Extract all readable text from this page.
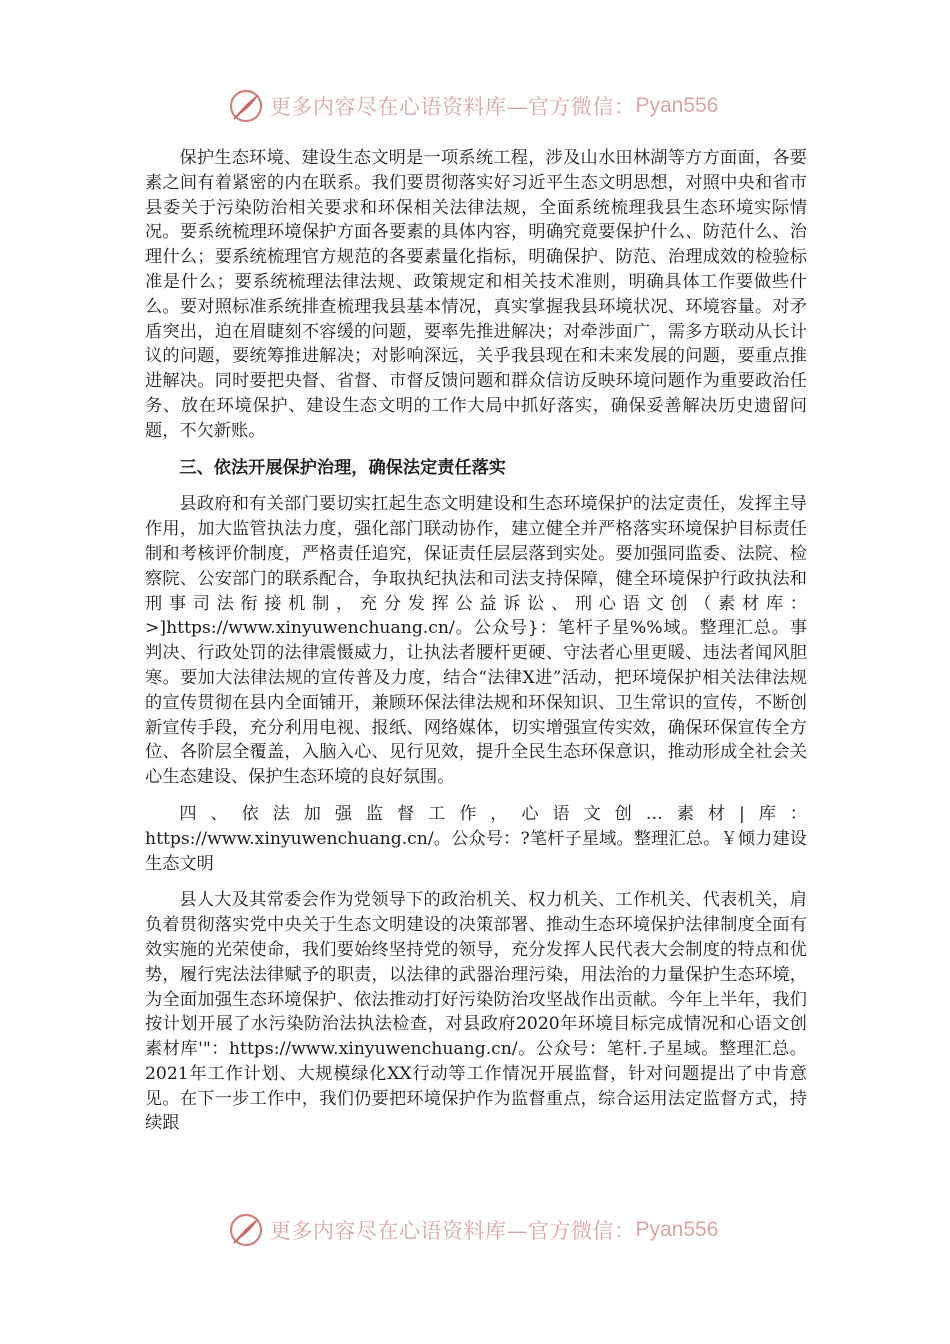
更多内容尽在心语资料库—官方微信： Pyan556

保护生态环境、建设生态文明是一项系统工程，涉及山水田林湖等方方面面，各要素之间有着紧密的内在联系。我们要贯彻落实好习近平生态文明思想，对照中央和省市县委关于污染防治相关要求和环保相关法律法规，全面系统梳理我县生态环境实际情况。要系统梳理环境保护方面各要素的具体内容，明确究竟要保护什么、防范什么、治理什么；要系统梳理官方规范的各要素量化指标，明确保护、防范、治理成效的检验标准是什么；要系统梳理法律法规、政策规定和相关技术准则，明确具体工作要做些什么。要对照标准系统排查梳理我县基本情况，真实掌握我县环境状况、环境容量。对矛盾突出，迫在眉睫刻不容缓的问题，要率先推进解决；对牵涉面广，需多方联动从长计议的问题，要统筹推进解决；对影响深远，关乎我县现在和未来发展的问题，要重点推进解决。同时要把央督、省督、市督反馈问题和群众信访反映环境问题作为重要政治任务、放在环境保护、建设生态文明的工作大局中抓好落实，确保妥善解决历史遗留问题，不欠新账。

三、依法开展保护治理，确保法定责任落实

县政府和有关部门要切实扛起生态文明建设和生态环境保护的法定责任，发挥主导作用，加大监管执法力度，强化部门联动协作，建立健全并严格落实环境保护目标责任制和考核评价制度，严格责任追究，保证责任层层落到实处。要加强同监委、法院、检察院、公安部门的联系配合，争取执纪执法和司法支持保障，健全环境保护行政执法和刑事司法衔接机制，充分发挥公益诉讼、刑心语文创（素材库：>]https://www.xinyuwenchuang.cn/。公众号}：笔杆子星%%域。整理汇总。事判决、行政处罚的法律震慑威力，让执法者腰杆更硬、守法者心里更暖、违法者闻风胆寒。要加大法律法规的宣传普及力度，结合“法律X进”活动，把环境保护相关法律法规的宣传贯彻在县内全面铺开，兼顾环保法律法规和环保知识、卫生常识的宣传，不断创新宣传手段，充分利用电视、报纸、网络媒体，切实增强宣传实效，确保环保宣传全方位、各阶层全覆盖，入脑入心、见行见效，提升全民生态环保意识，推动形成全社会关心生态建设、保护生态环境的良好氛围。

四、依法加强监督工作，心语文创…素材|库：https://www.xinyuwenchuang.cn/。公众号：?笔杆子星域。整理汇总。￥倾力建设生态文明

县人大及其常委会作为党领导下的政治机关、权力机关、工作机关、代表机关，肩负着贯彻落实党中央关于生态文明建设的决策部署、推动生态环境保护法律制度全面有效实施的光荣使命，我们要始终坚持党的领导，充分发挥人民代表大会制度的特点和优势，履行宪法法律赋予的职责，以法律的武器治理污染，用法治的力量保护生态环境，为全面加强生态环境保护、依法推动打好污染防治攻坚战作出贡献。今年上半年，我们按计划开展了水污染防治法执法检查，对县政府2020年环境目标完成情况和心语文创素材库'"：https://www.xinyuwenchuang.cn/。公众号：笔杆.子星域。整理汇总。2021年工作计划、大规模绿化XX行动等工作情况开展监督，针对问题提出了中肯意见。在下一步工作中，我们仍要把环境保护作为监督重点，综合运用法定监督方式，持续跟

更多内容尽在心语资料库—官方微信： Pyan556
